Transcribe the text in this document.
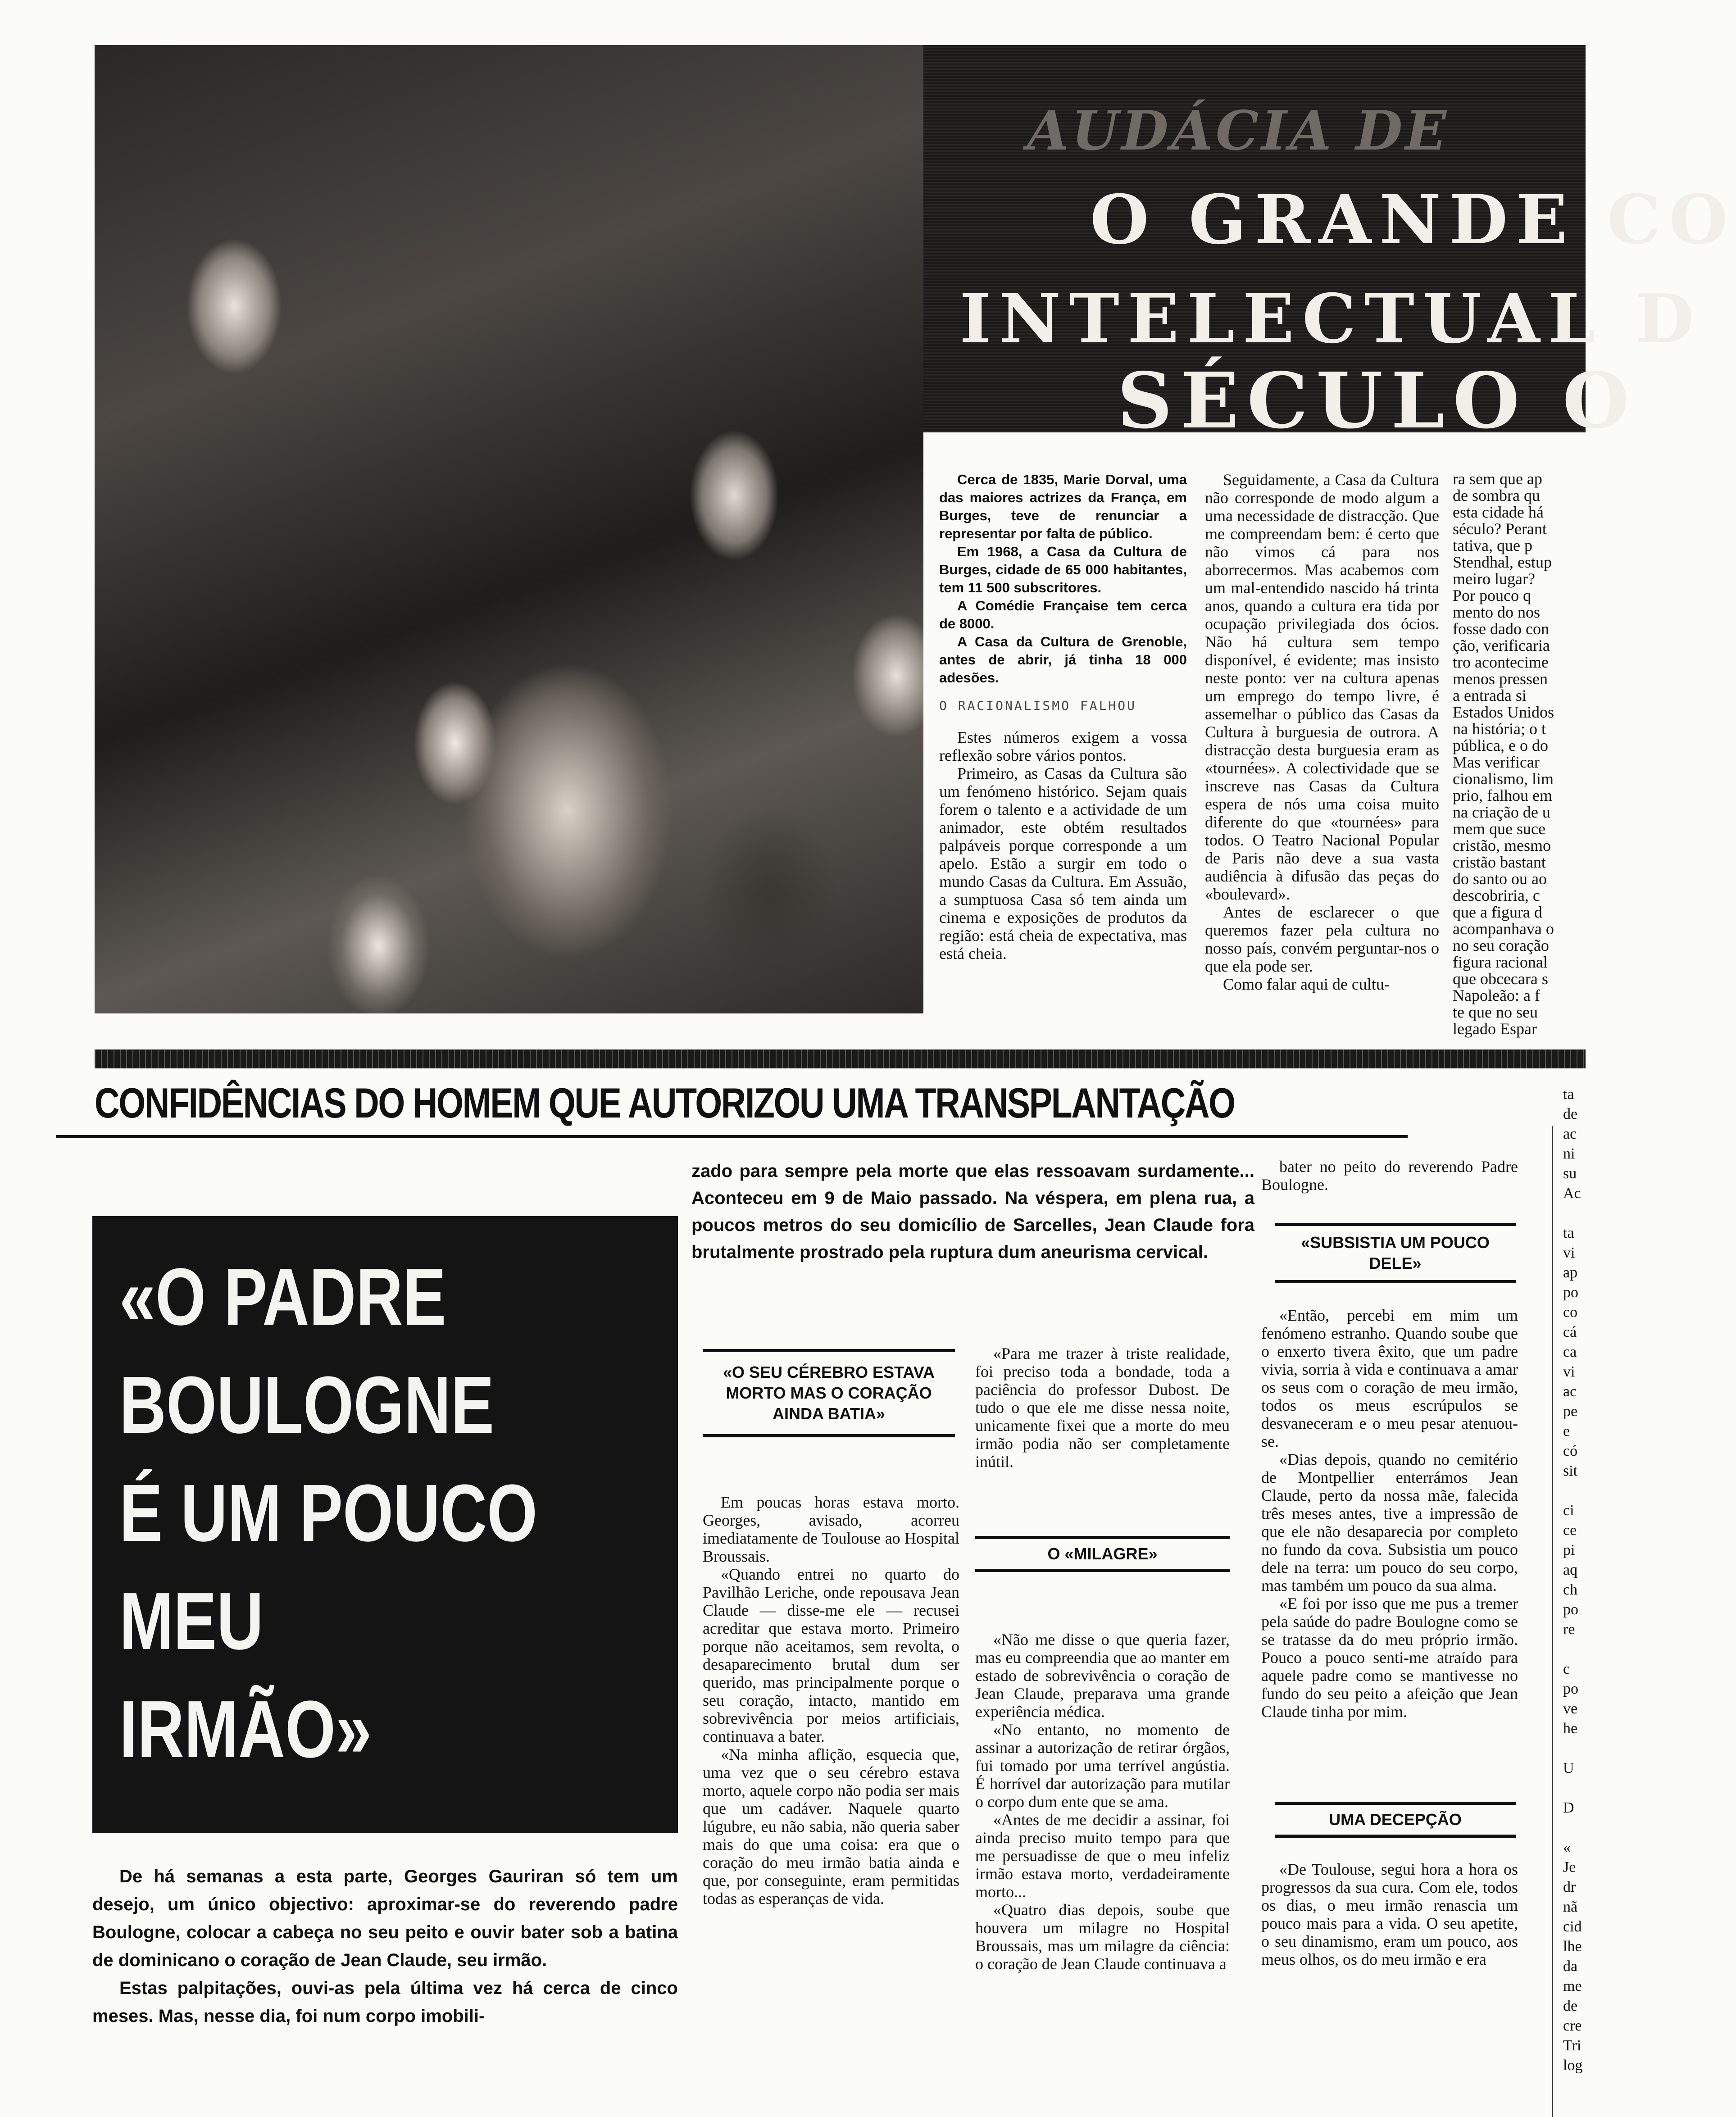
AUDÁCIA DE
O GRANDE CO
INTELECTUAL D
SÉCULO O

Cerca de 1835, Marie Dorval, uma das maiores actrizes da França, em Burges, teve de renunciar a representar por falta de público.

Em 1968, a Casa da Cultura de Burges, cidade de 65 000 habitantes, tem 11 500 subscritores.

A Comédie Française tem cerca de 8000.

A Casa da Cultura de Grenoble, antes de abrir, já tinha 18 000 adesões.

O RACIONALISMO FALHOU

Estes números exigem a vossa reflexão sobre vários pontos.

Primeiro, as Casas da Cultura são um fenómeno histórico. Sejam quais forem o talento e a actividade de um animador, este obtém resultados palpáveis porque corresponde a um apelo. Estão a surgir em todo o mundo Casas da Cultura. Em Assuão, a sumptuosa Casa só tem ainda um cinema e exposições de produtos da região: está cheia de expectativa, mas está cheia.

Seguidamente, a Casa da Cultura não corresponde de modo algum a uma necessidade de distracção. Que me compreendam bem: é certo que não vimos cá para nos aborrecermos. Mas acabemos com um mal-entendido nascido há trinta anos, quando a cultura era tida por ocupação privilegiada dos ócios. Não há cultura sem tempo disponível, é evidente; mas insisto neste ponto: ver na cultura apenas um emprego do tempo livre, é assemelhar o público das Casas da Cultura à burguesia de outrora. A distracção desta burguesia eram as «tournées». A colectividade que se inscreve nas Casas da Cultura espera de nós uma coisa muito diferente do que «tournées» para todos. O Teatro Nacional Popular de Paris não deve a sua vasta audiência à difusão das peças do «boulevard».

Antes de esclarecer o que queremos fazer pela cultura no nosso país, convém perguntar-nos o que ela pode ser.

Como falar aqui de cultu-

ra sem que ap
de sombra qu
esta cidade há
século? Perant
tativa, que p
Stendhal, estup
meiro lugar?
Por pouco q
mento do nos
fosse dado con
ção, verificaria
tro acontecime
menos pressen
a entrada si
Estados Unidos
na história; o t
pública, e o do
Mas verificar
cionalismo, lim
prio, falhou em
na criação de u
mem que suce
cristão, mesmo
cristão bastant
do santo ou ao
descobriria, c
que a figura d
acompanhava o
no seu coração
figura racional
que obcecara s
Napoleão: a f
te que no seu
legado Espar
CONFIDÊNCIAS DO HOMEM QUE AUTORIZOU UMA TRANSPLANTAÇÃO
«O PADRE
BOULOGNE
É UM POUCO
MEU
IRMÃO»

zado para sempre pela morte que elas ressoavam surdamente... Aconteceu em 9 de Maio passado. Na véspera, em plena rua, a poucos metros do seu domicílio de Sarcelles, Jean Claude fora brutalmente prostrado pela ruptura dum aneurisma cervical.

De há semanas a esta parte, Georges Gauriran só tem um desejo, um único objectivo: aproximar-se do reverendo padre Boulogne, colocar a cabeça no seu peito e ouvir bater sob a batina de dominicano o coração de Jean Claude, seu irmão.

Estas palpitações, ouvi-as pela última vez há cerca de cinco meses. Mas, nesse dia, foi num corpo imobili-

«O SEU CÉREBRO ESTAVA MORTO MAS O CORAÇÃO AINDA BATIA»

Em poucas horas estava morto. Georges, avisado, acorreu imediatamente de Toulouse ao Hospital Broussais.

«Quando entrei no quarto do Pavilhão Leriche, onde repousava Jean Claude — disse-me ele — recusei acreditar que estava morto. Primeiro porque não aceitamos, sem revolta, o desaparecimento brutal dum ser querido, mas principalmente porque o seu coração, intacto, mantido em sobrevivência por meios artificiais, continuava a bater.

«Na minha aflição, esquecia que, uma vez que o seu cérebro estava morto, aquele corpo não podia ser mais que um cadáver. Naquele quarto lúgubre, eu não sabia, não queria saber mais do que uma coisa: era que o coração do meu irmão batia ainda e que, por conseguinte, eram permitidas todas as esperanças de vida.

«Para me trazer à triste realidade, foi preciso toda a bondade, toda a paciência do professor Dubost. De tudo o que ele me disse nessa noite, unicamente fixei que a morte do meu irmão podia não ser completamente inútil.

O «MILAGRE»

«Não me disse o que queria fazer, mas eu compreendia que ao manter em estado de sobrevivência o coração de Jean Claude, preparava uma grande experiência médica.

«No entanto, no momento de assinar a autorização de retirar órgãos, fui tomado por uma terrível angústia. É horrível dar autorização para mutilar o corpo dum ente que se ama.

«Antes de me decidir a assinar, foi ainda preciso muito tempo para que me persuadisse de que o meu infeliz irmão estava morto, verdadeiramente morto...

«Quatro dias depois, soube que houvera um milagre no Hospital Broussais, mas um milagre da ciência: o coração de Jean Claude continuava a

bater no peito do reverendo Padre Boulogne.

«SUBSISTIA UM POUCO DELE»

«Então, percebi em mim um fenómeno estranho. Quando soube que o enxerto tivera êxito, que um padre vivia, sorria à vida e continuava a amar os seus com o coração de meu irmão, todos os meus escrúpulos se desvaneceram e o meu pesar atenuou-se.

«Dias depois, quando no cemitério de Montpellier enterrámos Jean Claude, perto da nossa mãe, falecida três meses antes, tive a impressão de que ele não desaparecia por completo no fundo da cova. Subsistia um pouco dele na terra: um pouco do seu corpo, mas também um pouco da sua alma.

«E foi por isso que me pus a tremer pela saúde do padre Boulogne como se se tratasse da do meu próprio irmão. Pouco a pouco senti-me atraído para aquele padre como se mantivesse no fundo do seu peito a afeição que Jean Claude tinha por mim.

UMA DECEPÇÃO

«De Toulouse, segui hora a hora os progressos da sua cura. Com ele, todos os dias, o meu irmão renascia um pouco mais para a vida. O seu apetite, o seu dinamismo, eram um pouco, aos meus olhos, os do meu irmão e era

ta
de
ac
ni
su
Ac
ta
vi
ap
po
co
cá
ca
vi
ac
pe
e
có
sit
ci
ce
pi
aq
ch
po
re
c
po
ve
he
U
D
«
Je
dr
nã
cid
lhe
da
me
de
cre
Tri
log
